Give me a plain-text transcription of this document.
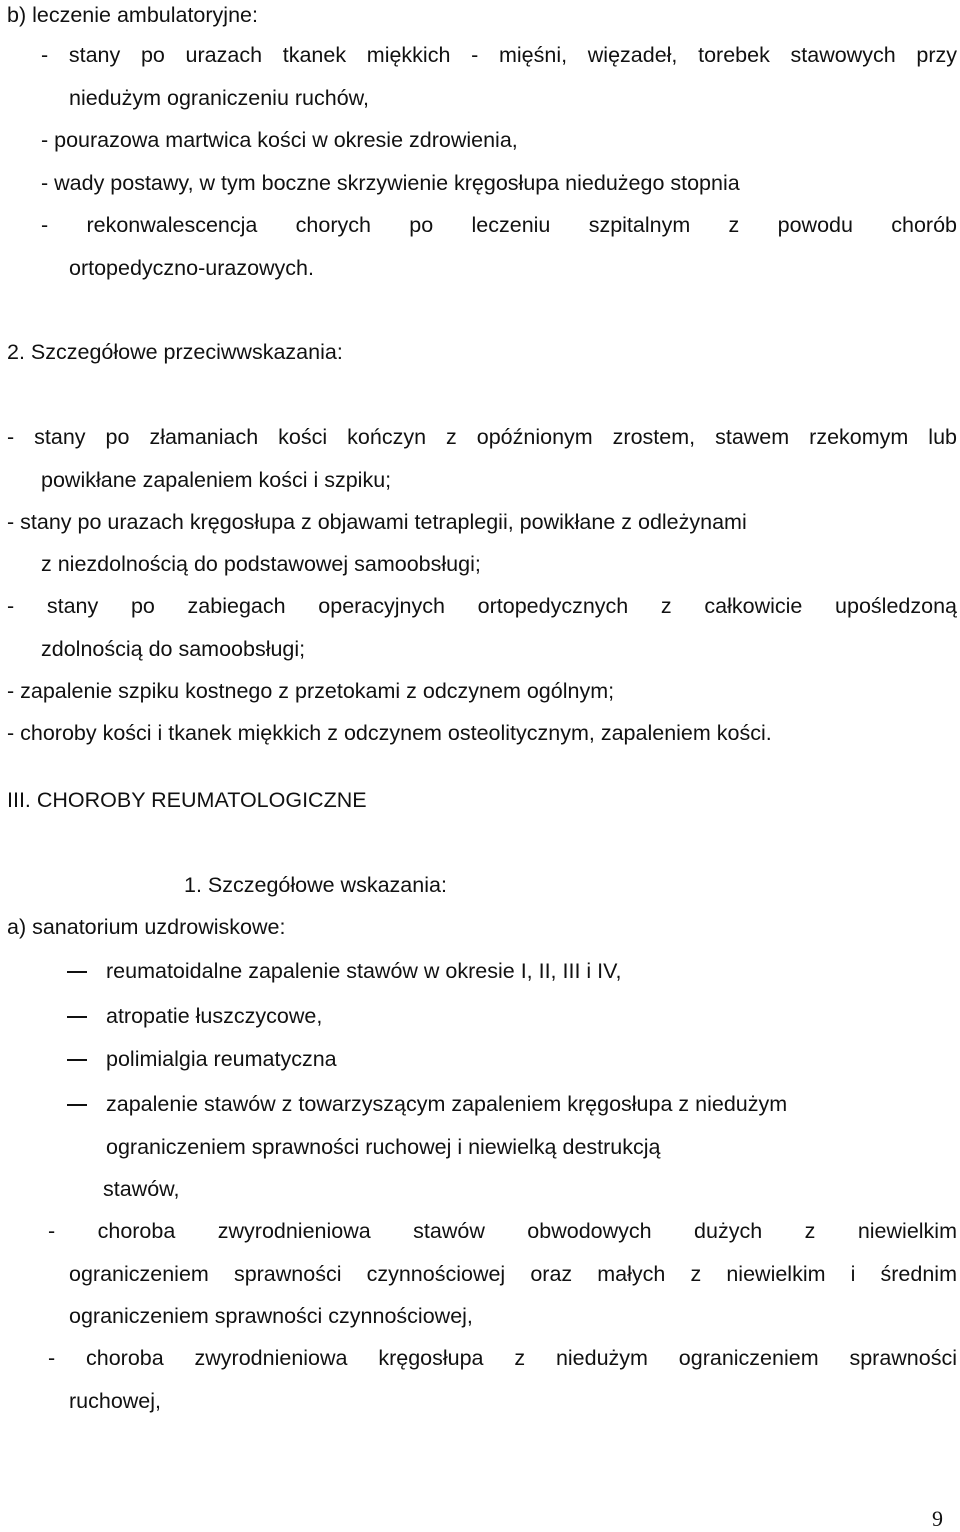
b) leczenie ambulatoryjne:
- stany po urazach tkanek miękkich - mięśni, więzadeł, torebek stawowych przy
niedużym ograniczeniu ruchów,
- pourazowa martwica kości w okresie zdrowienia,
- wady postawy, w tym boczne skrzywienie kręgosłupa niedużego stopnia
- rekonwalescencja chorych po leczeniu szpitalnym z powodu chorób
ortopedyczno-urazowych.
2. Szczegółowe przeciwwskazania:
- stany po złamaniach kości kończyn z opóźnionym zrostem, stawem rzekomym lub
powikłane zapaleniem kości i szpiku;
- stany po urazach kręgosłupa z objawami tetraplegii, powikłane z odleżynami
z niezdolnością do podstawowej samoobsługi;
- stany po zabiegach operacyjnych ortopedycznych z całkowicie upośledzoną
zdolnością do samoobsługi;
- zapalenie szpiku kostnego z przetokami z odczynem ogólnym;
- choroby kości i tkanek miękkich z odczynem osteolitycznym, zapaleniem kości.
III. CHOROBY REUMATOLOGICZNE
1. Szczegółowe wskazania:
a) sanatorium uzdrowiskowe:
reumatoidalne zapalenie stawów w okresie I, II, III i IV,
atropatie łuszczycowe,
polimialgia reumatyczna
zapalenie stawów z towarzyszącym zapaleniem kręgosłupa z niedużym
ograniczeniem sprawności ruchowej i niewielką destrukcją
stawów,
- choroba zwyrodnieniowa stawów obwodowych dużych z niewielkim
ograniczeniem sprawności czynnościowej oraz małych z niewielkim i średnim
ograniczeniem sprawności czynnościowej,
- choroba zwyrodnieniowa kręgosłupa z niedużym ograniczeniem sprawności
ruchowej,
9
